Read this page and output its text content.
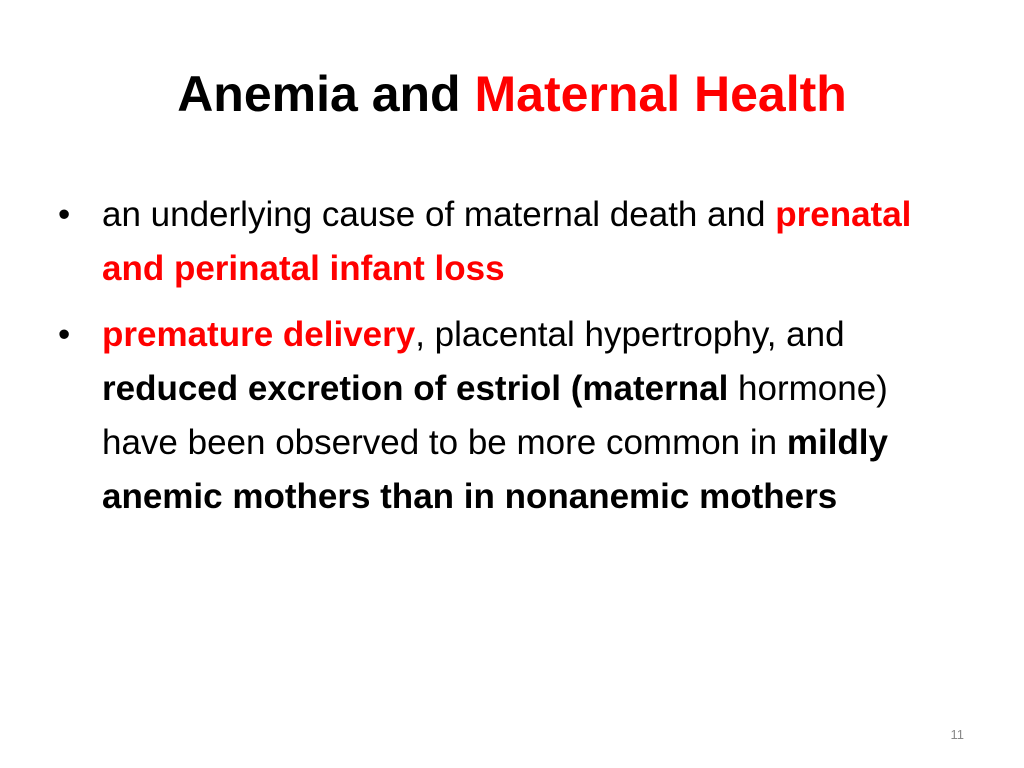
Anemia and Maternal Health
• an underlying cause of maternal death and prenatal and perinatal infant loss
• premature delivery, placental hypertrophy, and reduced excretion of estriol (maternal hormone) have been observed to be more common in mildly anemic mothers than in nonanemic mothers
11
